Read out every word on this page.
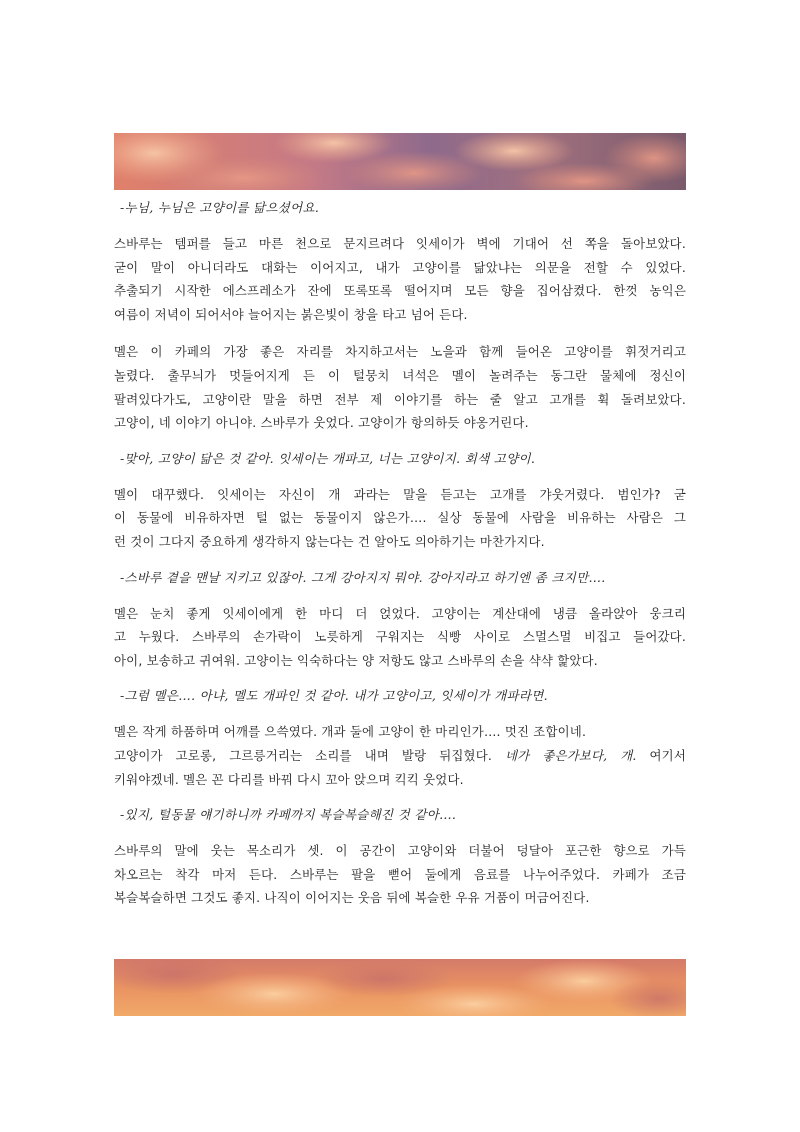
-누님, 누님은 고양이를 닮으셨어요.
스바루는 템퍼를 들고 마른 천으로 문지르려다 잇세이가 벽에 기대어 선 쪽을 돌아보았다.
굳이 말이 아니더라도 대화는 이어지고, 내가 고양이를 닮았냐는 의문을 전할 수 있었다.
추출되기 시작한 에스프레소가 잔에 또록또록 떨어지며 모든 향을 집어삼켰다. 한껏 농익은
여름이 저녁이 되어서야 늘어지는 붉은빛이 창을 타고 넘어 든다.
멜은 이 카페의 가장 좋은 자리를 차지하고서는 노을과 함께 들어온 고양이를 휘젓거리고
놀렸다. 출무늬가 멋들어지게 든 이 털뭉치 녀석은 멜이 놀려주는 동그란 물체에 정신이
팔려있다가도, 고양이란 말을 하면 전부 제 이야기를 하는 줄 알고 고개를 휙 돌려보았다.
고양이, 네 이야기 아니야. 스바루가 웃었다. 고양이가 항의하듯 야옹거린다.
-맞아, 고양이 닮은 것 같아. 잇세이는 개파고, 너는 고양이지. 회색 고양이.
멜이 대꾸했다. 잇세이는 자신이 개 과라는 말을 듣고는 고개를 갸웃거렸다. 범인가? 굳
이 동물에 비유하자면 털 없는 동물이지 않은가…. 실상 동물에 사람을 비유하는 사람은 그
런 것이 그다지 중요하게 생각하지 않는다는 건 알아도 의아하기는 마찬가지다.
-스바루 곁을 맨날 지키고 있잖아. 그게 강아지지 뭐야. 강아지라고 하기엔 좀 크지만….
멜은 눈치 좋게 잇세이에게 한 마디 더 얹었다. 고양이는 계산대에 냉큼 올라앉아 웅크리
고 누웠다. 스바루의 손가락이 노릇하게 구워지는 식빵 사이로 스멀스멀 비집고 들어갔다.
아이, 보송하고 귀여워. 고양이는 익숙하다는 양 저항도 않고 스바루의 손을 샥샥 핥았다.
-그럼 멜은…. 아냐, 멜도 개파인 것 같아. 내가 고양이고, 잇세이가 개파라면.
멜은 작게 하품하며 어깨를 으쓱였다. 개과 둘에 고양이 한 마리인가…. 멋진 조합이네.
고양이가 고로롱, 그르릉거리는 소리를 내며 발랑 뒤집혔다. 네가 좋은가보다, 개. 여기서
키워야겠네. 멜은 꼰 다리를 바꿔 다시 꼬아 앉으며 킥킥 웃었다.
-있지, 털동물 얘기하니까 카페까지 복슬복슬해진 것 같아….
스바루의 말에 웃는 목소리가 셋. 이 공간이 고양이와 더불어 덩달아 포근한 향으로 가득
차오르는 착각 마저 든다. 스바루는 팔을 뻗어 둘에게 음료를 나누어주었다. 카페가 조금
복슬복슬하면 그것도 좋지. 나직이 이어지는 웃음 뒤에 복슬한 우유 거품이 머금어진다.
